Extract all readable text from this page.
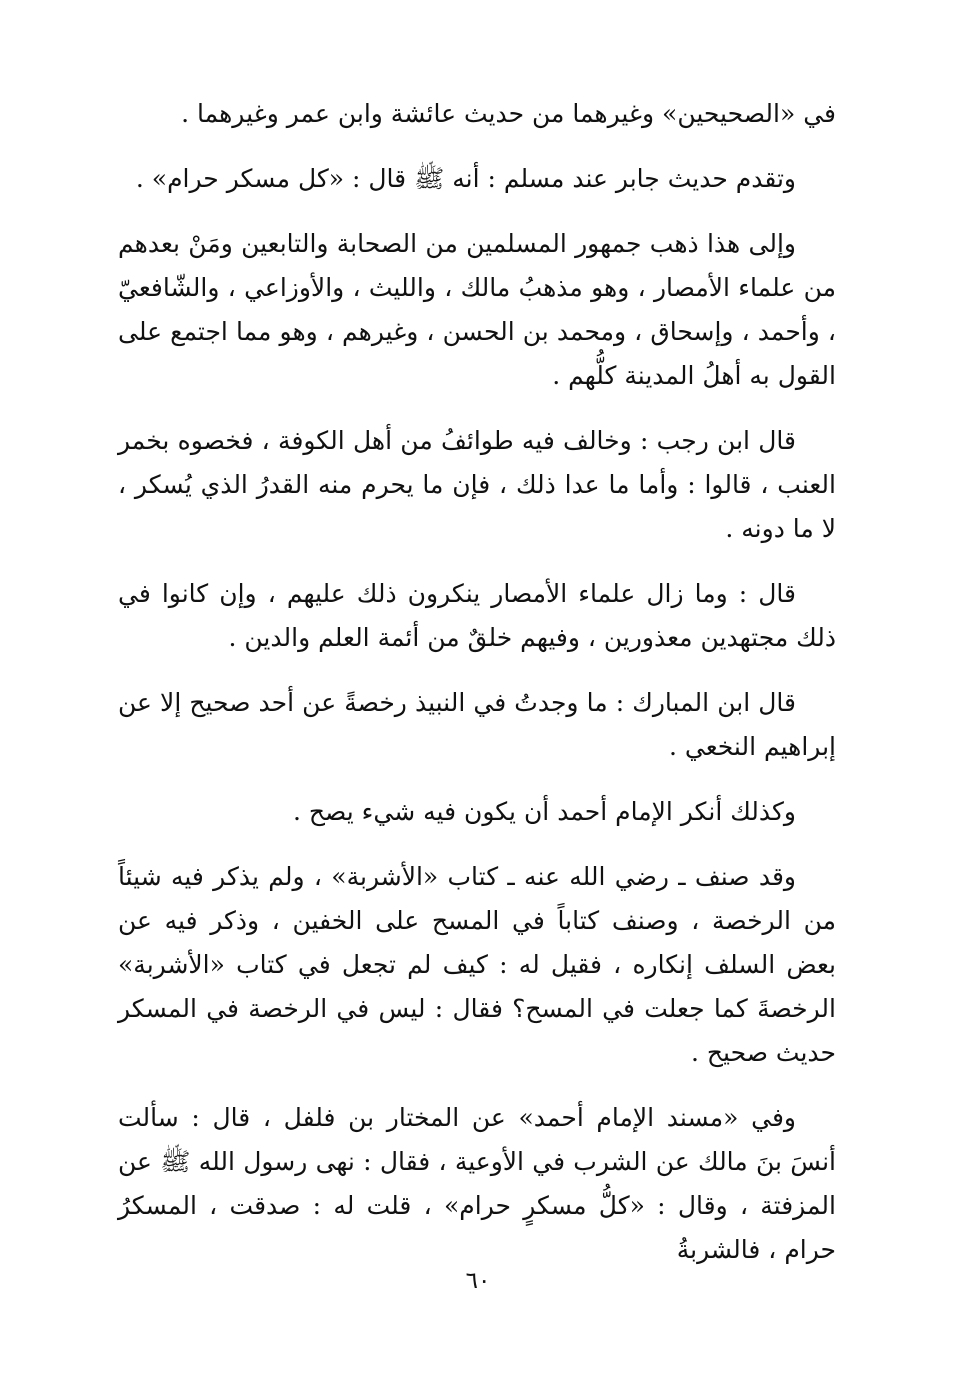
في «الصحيحين» وغيرهما من حديث عائشة وابن عمر وغيرهما .

وتقدم حديث جابر عند مسلم : أنه ﷺ قال : «كل مسكر حرام» .

وإلى هذا ذهب جمهور المسلمين من الصحابة والتابعين ومَنْ بعدهم من علماء الأمصار ، وهو مذهبُ مالك ، والليث ، والأوزاعي ، والشّافعيّ ، وأحمد ، وإسحاق ، ومحمد بن الحسن ، وغيرهم ، وهو مما اجتمع على القول به أهلُ المدينة كلُّهم .

قال ابن رجب : وخالف فيه طوائفُ من أهل الكوفة ، فخصوه بخمر العنب ، قالوا : وأما ما عدا ذلك ، فإن ما يحرم منه القدرُ الذي يُسكر ، لا ما دونه .

قال : وما زال علماء الأمصار ينكرون ذلك عليهم ، وإن كانوا في ذلك مجتهدين معذورين ، وفيهم خلقٌ من أئمة العلم والدين .

قال ابن المبارك : ما وجدتُ في النبيذ رخصةً عن أحد صحيح إلا عن إبراهيم النخعي .

وكذلك أنكر الإمام أحمد أن يكون فيه شيء يصح .

وقد صنف ـ رضي الله عنه ـ كتاب «الأشربة» ، ولم يذكر فيه شيئاً من الرخصة ، وصنف كتاباً في المسح على الخفين ، وذكر فيه عن بعض السلف إنكاره ، فقيل له : كيف لم تجعل في كتاب «الأشربة» الرخصةَ كما جعلت في المسح؟ فقال : ليس في الرخصة في المسكر حديث صحيح .

وفي «مسند الإمام أحمد» عن المختار بن فلفل ، قال : سألت أنسَ بنَ مالك عن الشرب في الأوعية ، فقال : نهى رسول الله ﷺ عن المزفتة ، وقال : «كلُّ مسكرٍ حرام» ، قلت له : صدقت ، المسكرُ حرام ، فالشربةُ

٦٠
